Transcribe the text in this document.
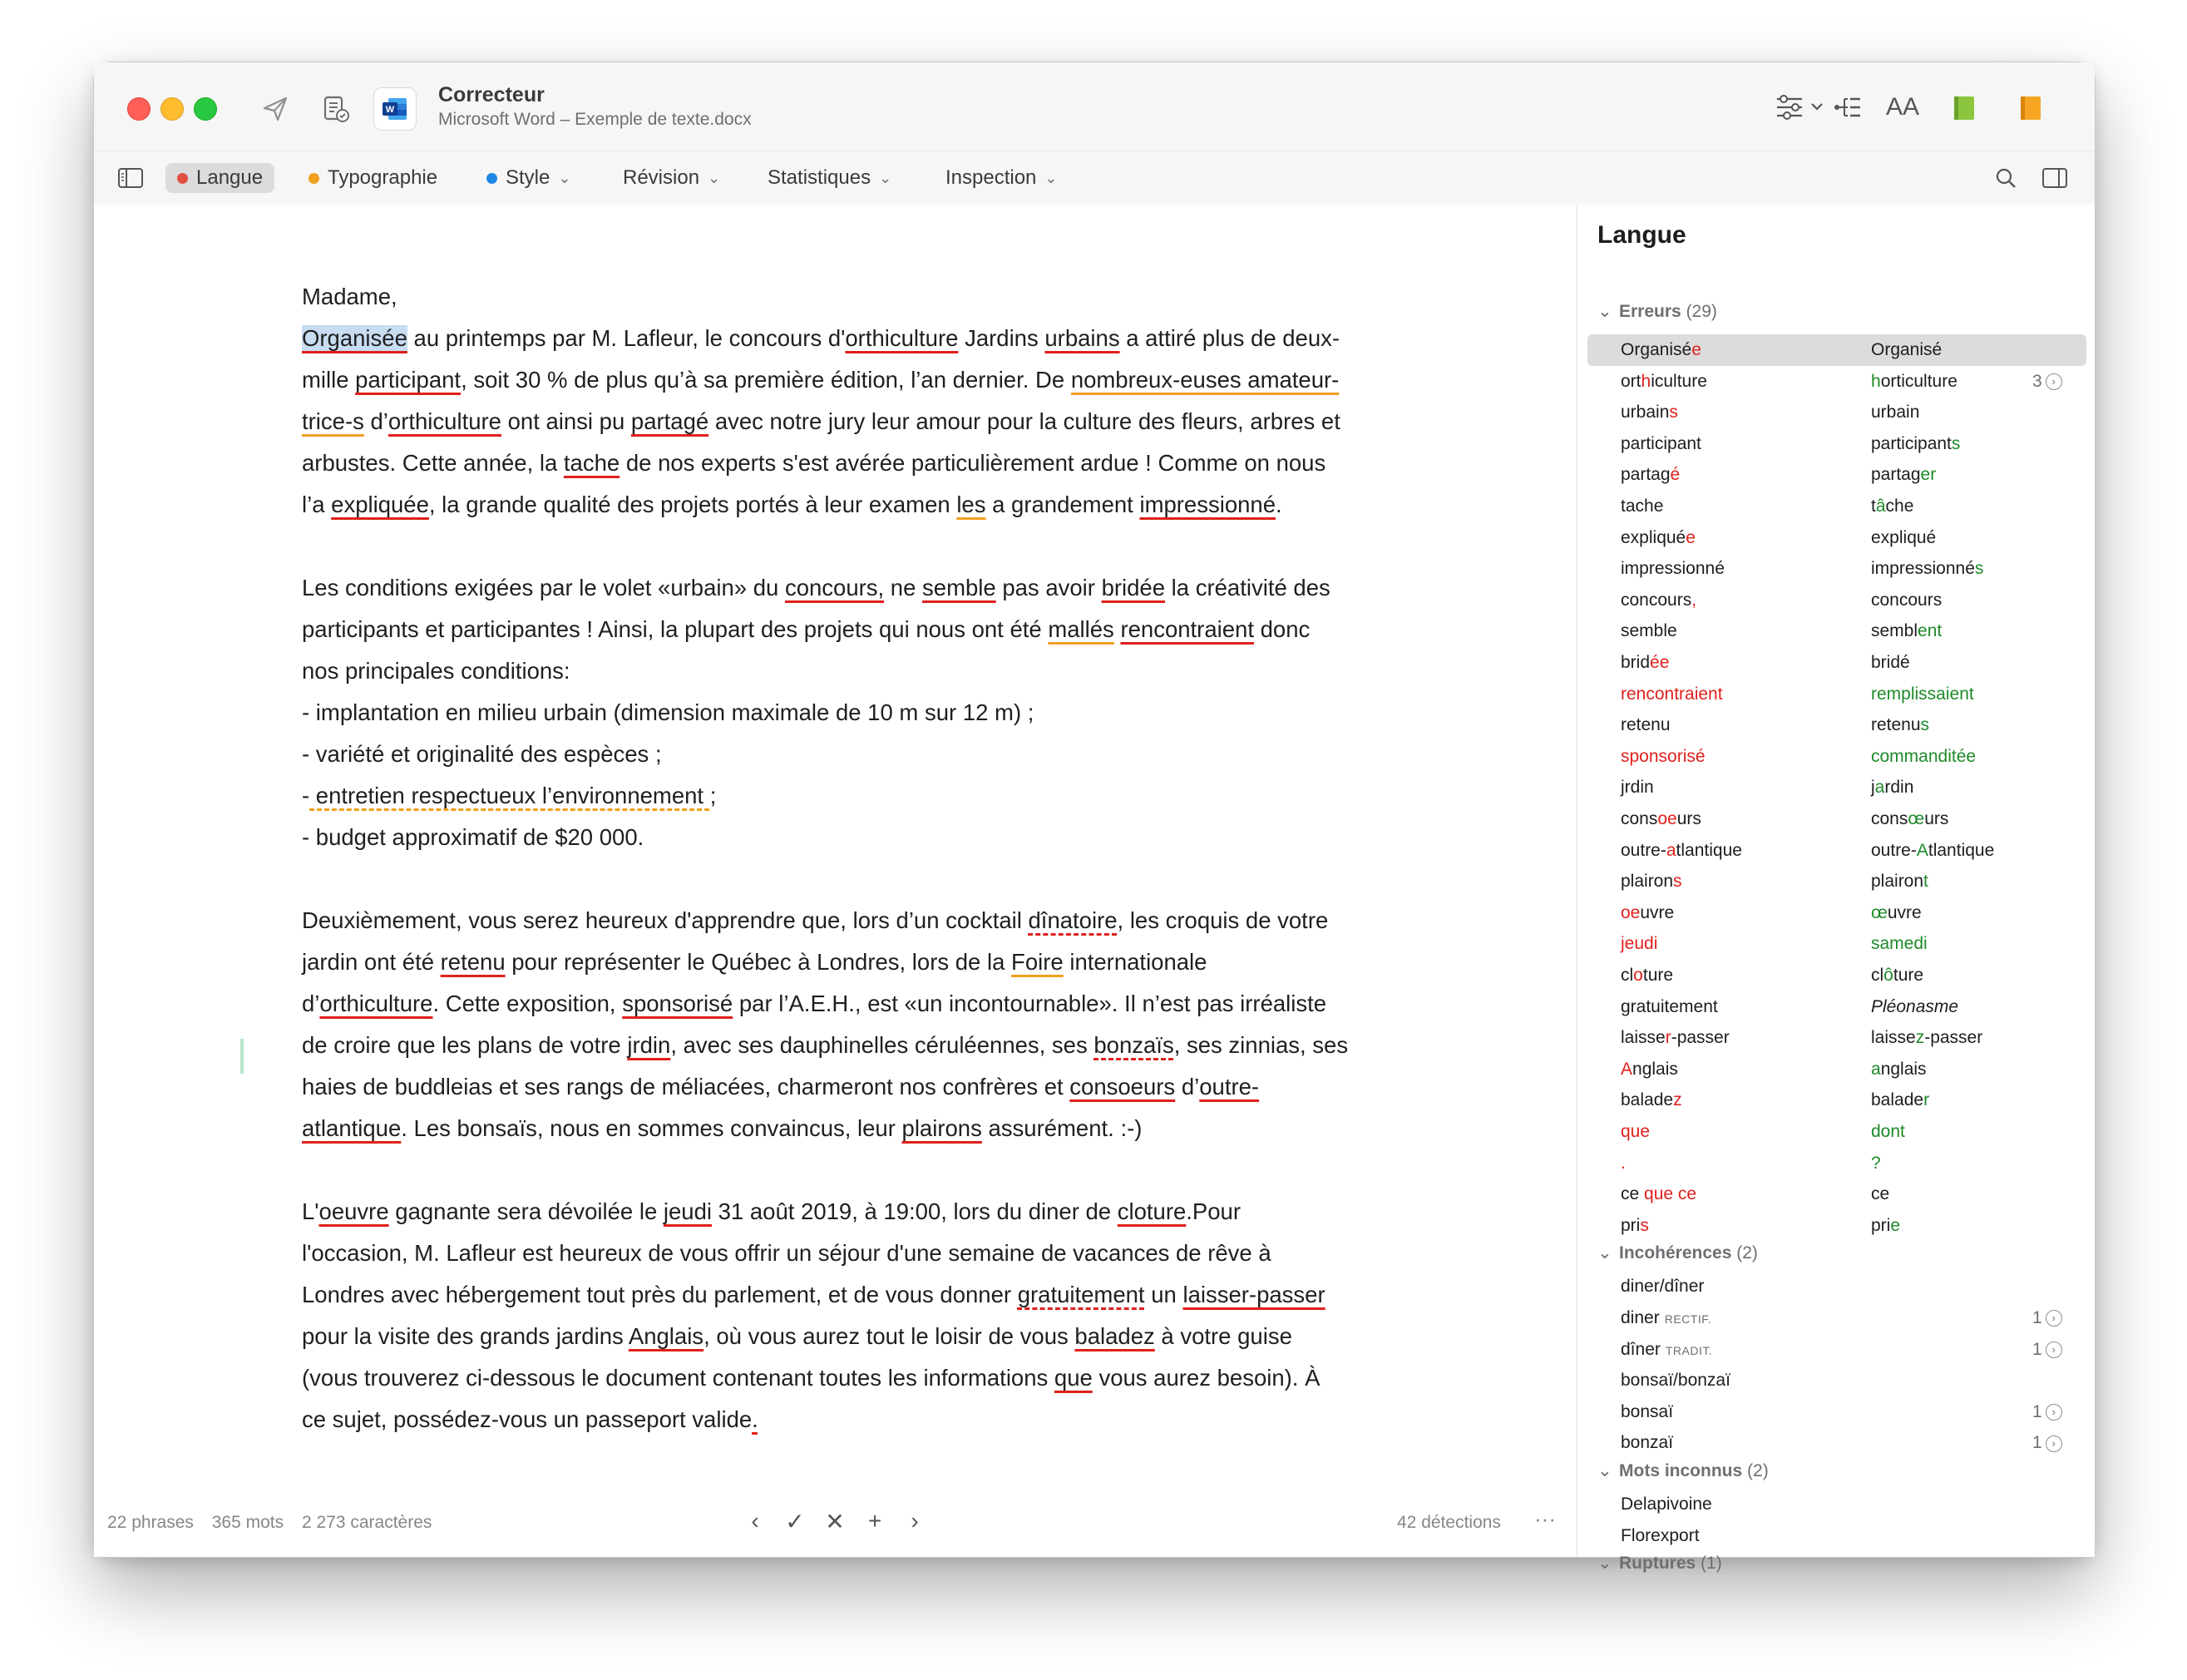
W
Correcteur
Microsoft Word – Exemple de texte.docx	AA
Langue	Typographie	Style ⌄	Révision ⌄ Statistiques ⌄	Inspection ⌄

Madame,
Organisée au printemps par M. Lafleur, le concours d'orthiculture Jardins urbains a attiré plus de deux-
mille participant, soit 30 % de plus qu’à sa première édition, l’an dernier. De nombreux-euses amateur-
trice-s d’orthiculture ont ainsi pu partagé avec notre jury leur amour pour la culture des fleurs, arbres et
arbustes. Cette année, la tache de nos experts s'est avérée particulièrement ardue ! Comme on nous
l’a expliquée, la grande qualité des projets portés à leur examen les a grandement impressionné.

Les conditions exigées par le volet «urbain» du concours, ne semble pas avoir bridée la créativité des
participants et participantes ! Ainsi, la plupart des projets qui nous ont été mallés rencontraient donc
nos principales conditions:
- implantation en milieu urbain (dimension maximale de 10 m sur 12 m) ;
- variété et originalité des espèces ;
- entretien respectueux l’environnement ;
- budget approximatif de $20 000.

Deuxièmement, vous serez heureux d'apprendre que, lors d’un cocktail dînatoire, les croquis de votre
jardin ont été retenu pour représenter le Québec à Londres, lors de la Foire internationale
d’orthiculture. Cette exposition, sponsorisé par l’A.E.H., est «un incontournable». Il n’est pas irréaliste
de croire que les plans de votre jrdin, avec ses dauphinelles céruléennes, ses bonzaïs, ses zinnias, ses
haies de buddleias et ses rangs de méliacées, charmeront nos confrères et consoeurs d’outre-
atlantique. Les bonsaïs, nous en sommes convaincus, leur plairons assurément. :-)

L'oeuvre gagnante sera dévoilée le jeudi 31 août 2019, à 19:00, lors du diner de cloture.Pour
l'occasion, M. Lafleur est heureux de vous offrir un séjour d'une semaine de vacances de rêve à
Londres avec hébergement tout près du parlement, et de vous donner gratuitement un laisser-passer
pour la visite des grands jardins Anglais, où vous aurez tout le loisir de vous baladez à votre guise
(vous trouverez ci-dessous le document contenant toutes les informations que vous aurez besoin). À
ce sujet, possédez-vous un passeport valide.

22 phrases 365 mots 2 273 caractères	‹ ✓ ✕ + ›	42 détections ···
Langue
⌄ Erreurs (29)
Organisée	Organisé
orthiculture	horticulture	3 ›
urbains	urbain
participant	participants
partagé	partager
tache	tâche
expliquée	expliqué
impressionné	impressionnés
concours,	concours
semble	semblent
bridée	bridé
rencontraient	remplissaient
retenu	retenus
sponsorisé	commanditée
jrdin	jardin
consoeurs	consœurs
outre-atlantique	outre-Atlantique
plairons	plairont
oeuvre	œuvre
jeudi	samedi
cloture	clôture
gratuitement	Pléonasme
laisser-passer	laissez-passer
Anglais	anglais
baladez	balader
que	dont
.	?
ce que ce	ce
pris	prie
⌄ Incohérences (2)
diner/dîner
diner RECTIF.	1 ›
dîner TRADIT.	1 ›
bonsaï/bonzaï
bonsaï	1 ›
bonzaï	1 ›
⌄ Mots inconnus (2)
Delapivoine
Florexport
⌄ Ruptures (1)
